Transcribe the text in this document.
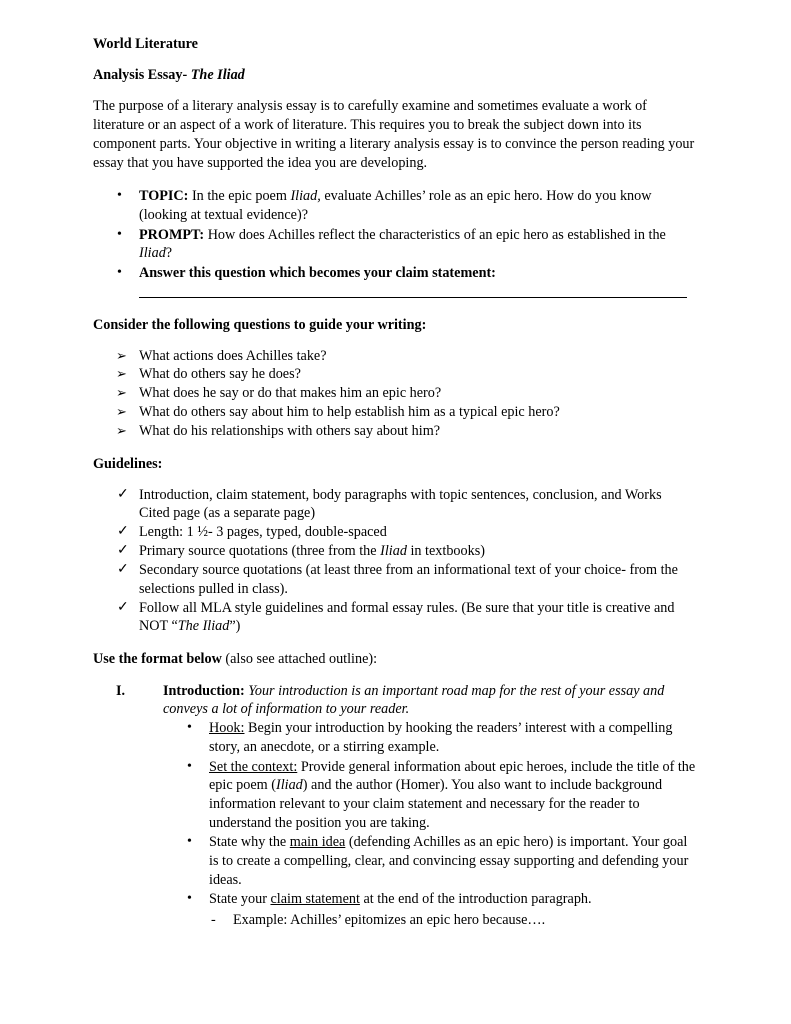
World Literature
Analysis Essay- The Iliad
The purpose of a literary analysis essay is to carefully examine and sometimes evaluate a work of
literature or an aspect of a work of literature. This requires you to break the subject down into its
component parts. Your objective in writing a literary analysis essay is to convince the person reading your
essay that you have supported the idea you are developing.
• TOPIC: In the epic poem Iliad, evaluate Achilles’ role as an epic hero. How do you know
(looking at textual evidence)?
• PROMPT: How does Achilles reflect the characteristics of an epic hero as established in the
Iliad?
• Answer this question which becomes your claim statement:
Consider the following questions to guide your writing:
➢ What actions does Achilles take?
➢ What do others say he does?
➢ What does he say or do that makes him an epic hero?
➢ What do others say about him to help establish him as a typical epic hero?
➢ What do his relationships with others say about him?
Guidelines:
✓ Introduction, claim statement, body paragraphs with topic sentences, conclusion, and Works
Cited page (as a separate page)
✓ Length: 1 ½- 3 pages, typed, double-spaced
✓ Primary source quotations (three from the Iliad in textbooks)
✓ Secondary source quotations (at least three from an informational text of your choice- from the
selections pulled in class).
✓ Follow all MLA style guidelines and formal essay rules. (Be sure that your title is creative and
NOT “The Iliad”)
Use the format below (also see attached outline):
I.	Introduction: Your introduction is an important road map for the rest of your essay and
conveys a lot of information to your reader.
• Hook: Begin your introduction by hooking the readers’ interest with a compelling
story, an anecdote, or a stirring example.
• Set the context: Provide general information about epic heroes, include the title of the
epic poem (Iliad) and the author (Homer). You also want to include background
information relevant to your claim statement and necessary for the reader to
understand the position you are taking.
• State why the main idea (defending Achilles as an epic hero) is important. Your goal
is to create a compelling, clear, and convincing essay supporting and defending your
ideas.
• State your claim statement at the end of the introduction paragraph.
- Example: Achilles’ epitomizes an epic hero because….
